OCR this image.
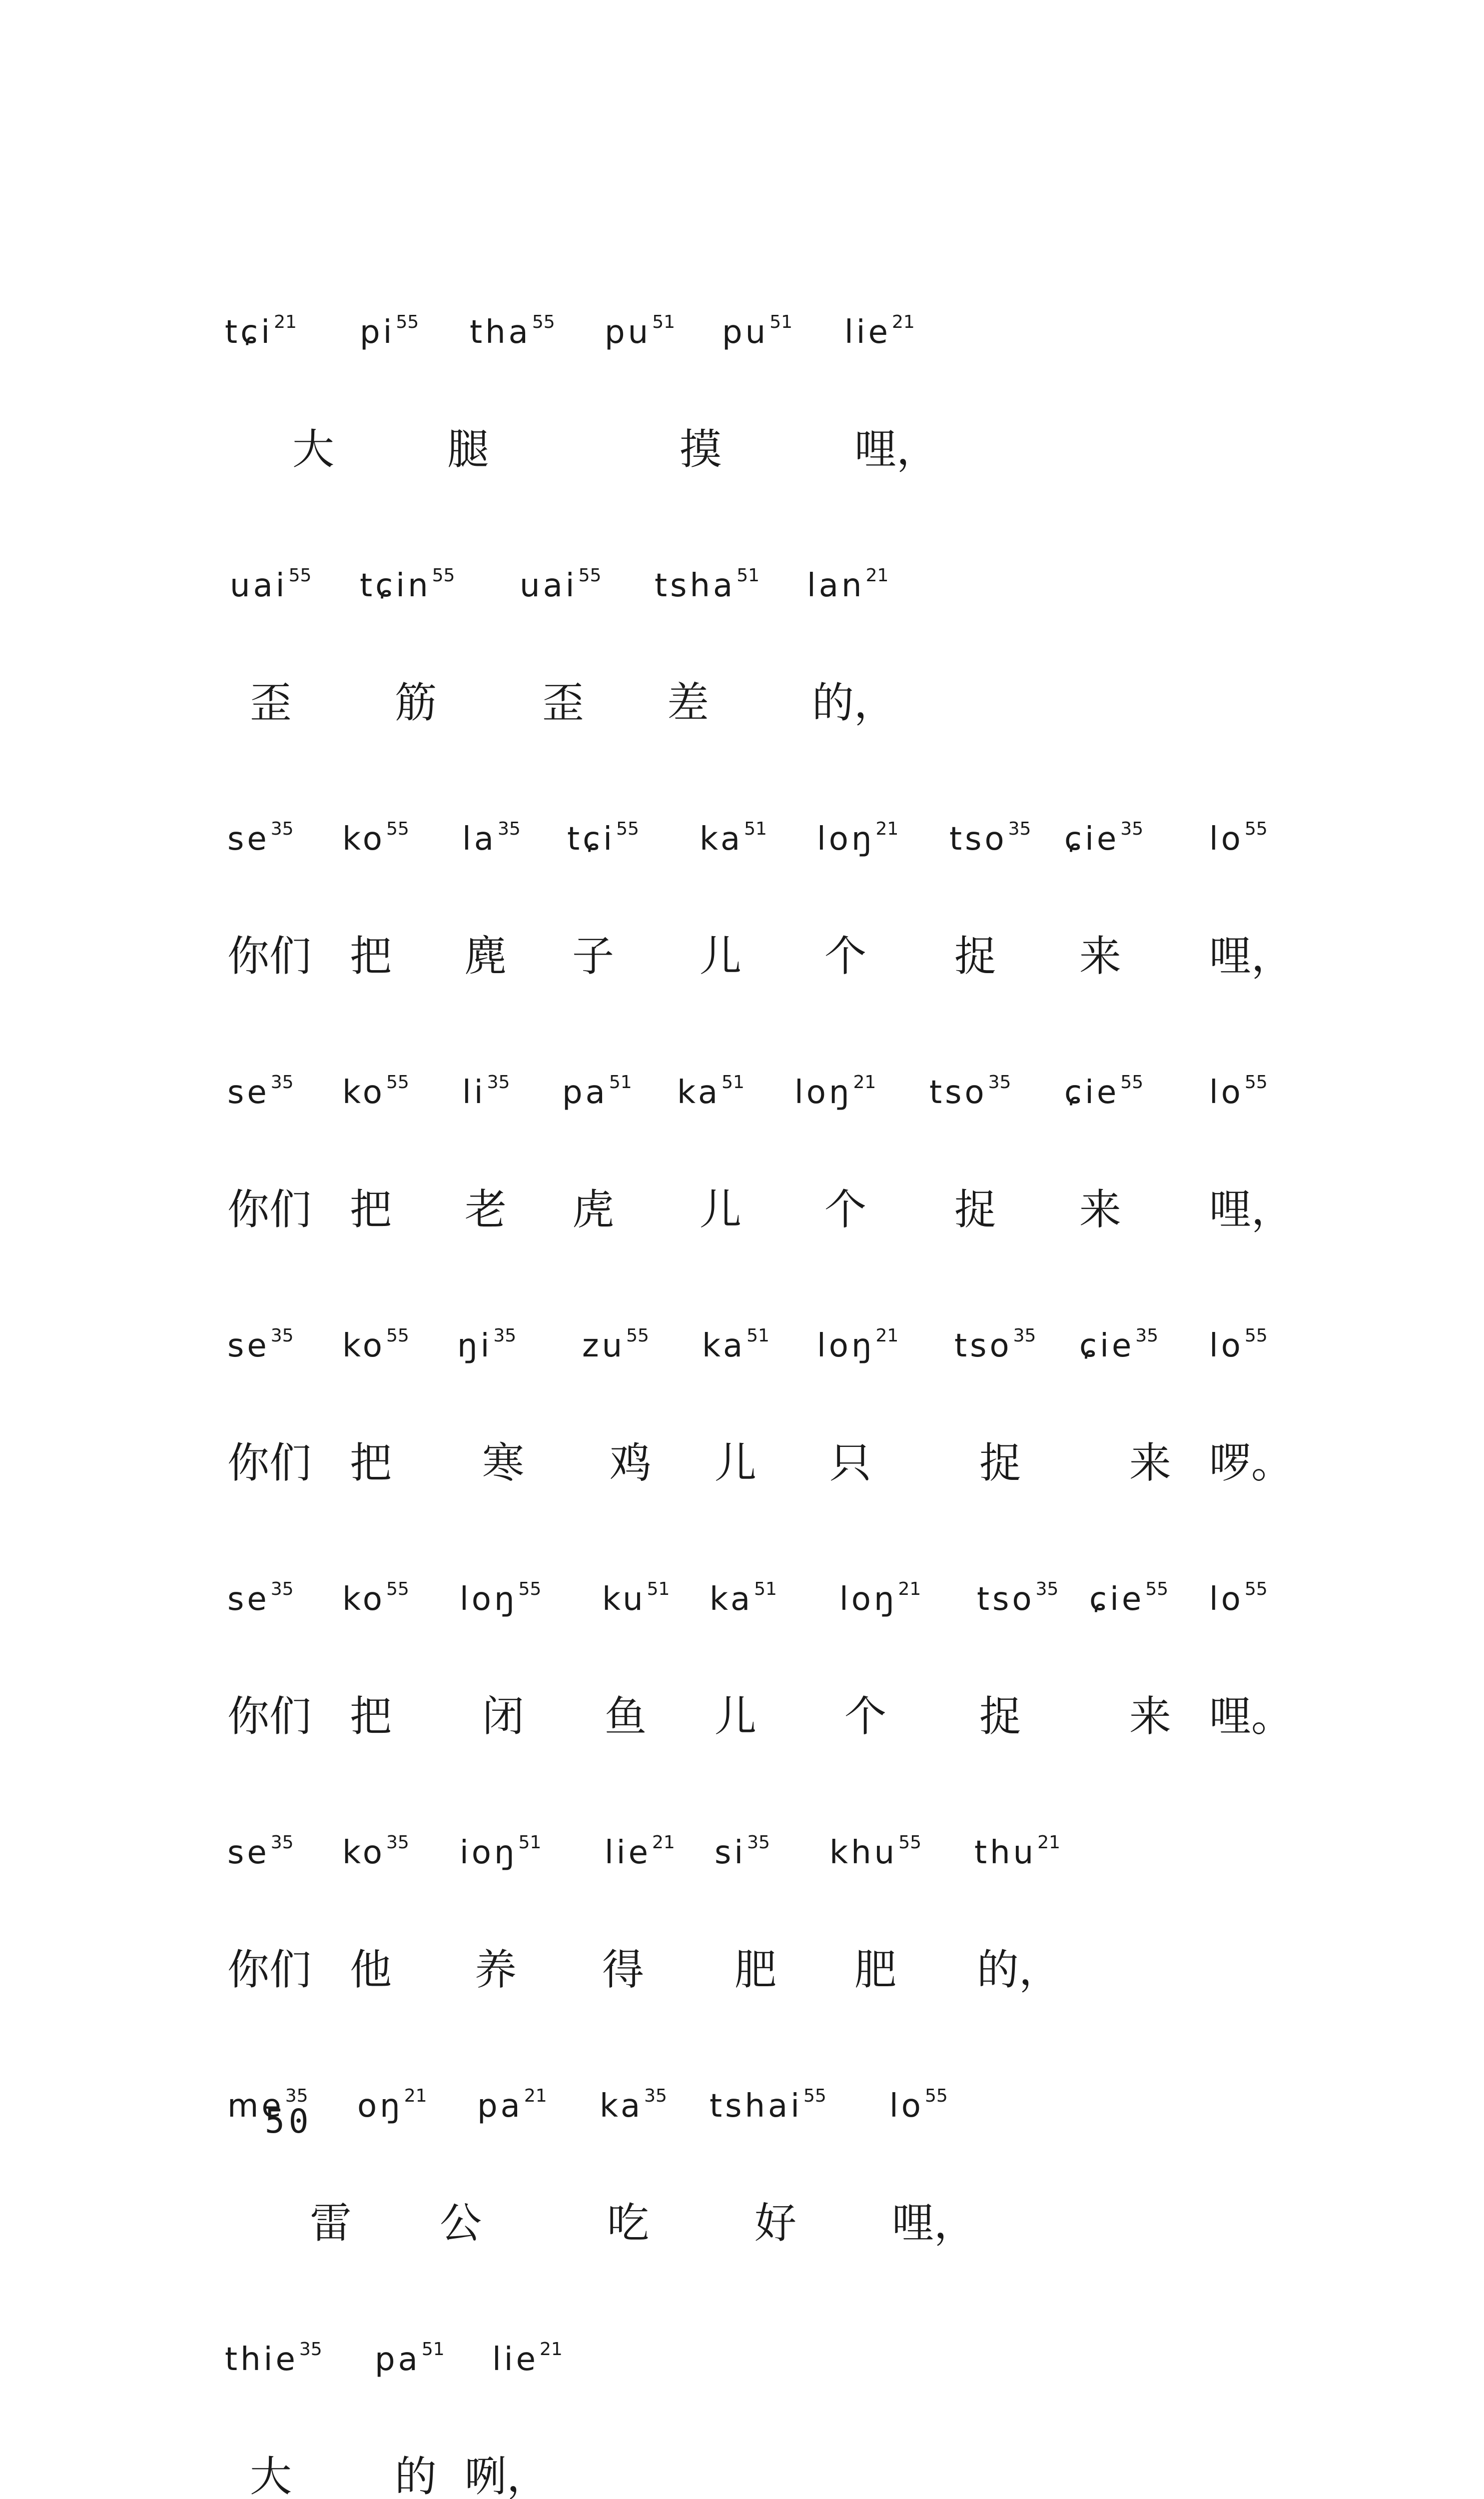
tɕi$^{21}$ $pi^{55}$ tha$^{55}$ $pu^{51}$ $pu^{51}$ lie$^{21}$
大	腿	摸	哩，
uai$^{55}$ tɕin$^{55}$ uai$^{55}$ tsha$^{51}$ lan$^{21}$
歪 筋	歪 差 的，
$se^{35}$ $ko^{55}$ $la^{35}$ tɕi$^{55}$ $ka^{51}$ loŋ$^{21}$ tso$^{35}$ ɕie$^{35}$ $lo^{55}$
你们 把 麂 子 儿 个 捉 来 哩，
$se^{35}$ $ko^{55}$ $li^{35}$ $pa^{51}$ $ka^{51}$ loŋ$^{21}$ tso$^{35}$ ɕie$^{55}$ $lo^{55}$
你们 把 老 虎 儿 个 捉 来 哩，
$se^{35}$ $ko^{55}$ $ŋi^{35}$ $zu^{55}$ $ka^{51}$ loŋ$^{21}$ tso$^{35}$ ɕie$^{35}$ $lo^{55}$
你们 把 寒 鸡 儿 只	捉	来 啰。
$se^{35}$ $ko^{55}$ loŋ$^{55}$ $ku^{51}$ $ka^{51}$ loŋ$^{21}$ tso$^{35}$ ɕie$^{55}$ $lo^{55}$
你们 把 闭 鱼 儿 个 捉	来 哩。
$se^{35}$ $ko^{35}$ ioŋ$^{51}$ lie$^{21}$ $si^{35}$ khu$^{55}$ thu$^{21}$
你们 他 养 得 肥 肥 的，
$me^{35}$ $oŋ^{21}$ $pa^{21}$ $ka^{35}$ tshai$^{55}$ $lo^{55}$
雷 公	吃	好 哩，
thie$^{35}$ $pa^{51}$ lie$^{21}$
大 的 咧，
50
